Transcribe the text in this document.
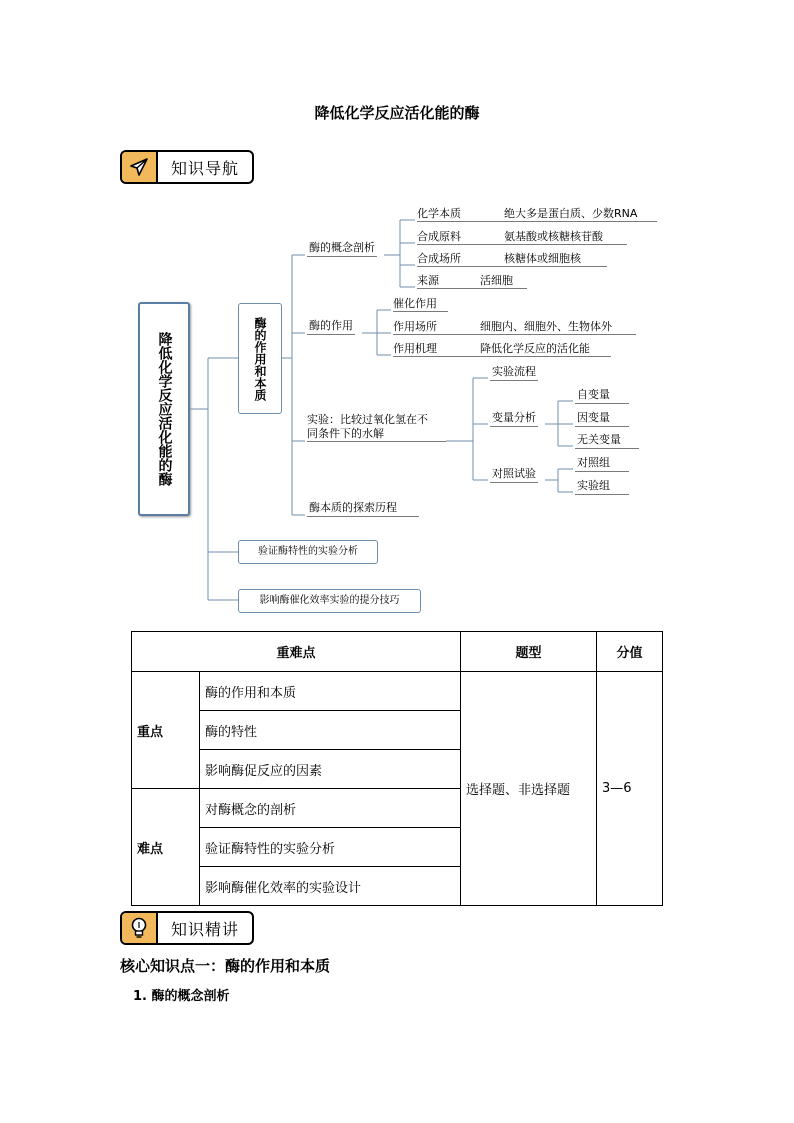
降低化学反应活化能的酶
知识导航
降低化学反应活化能的酶	酶的作用和本质
验证酶特性的实验分析
影响酶催化效率实验的提分技巧
酶的概念剖析
化学本质	绝大多是蛋白质、少数RNA
合成原料	氨基酸或核糖核苷酸
合成场所	核糖体或细胞核
来源	活细胞
酶的作用
催化作用
作用场所	细胞内、细胞外、生物体外
作用机理	降低化学反应的活化能
实验：比较过氧化氢在不
同条件下的水解
实验流程
变量分析
对照试验
自变量
因变量
无关变量
对照组
实验组
酶本质的探索历程
重难点		题型	分值
重点	酶的作用和本质	选择题、非选择题	3—6
	酶的特性		
	影响酶促反应的因素		
难点	对酶概念的剖析		
	验证酶特性的实验分析		
	影响酶催化效率的实验设计		
知识精讲
核心知识点一：酶的作用和本质
1. 酶的概念剖析
